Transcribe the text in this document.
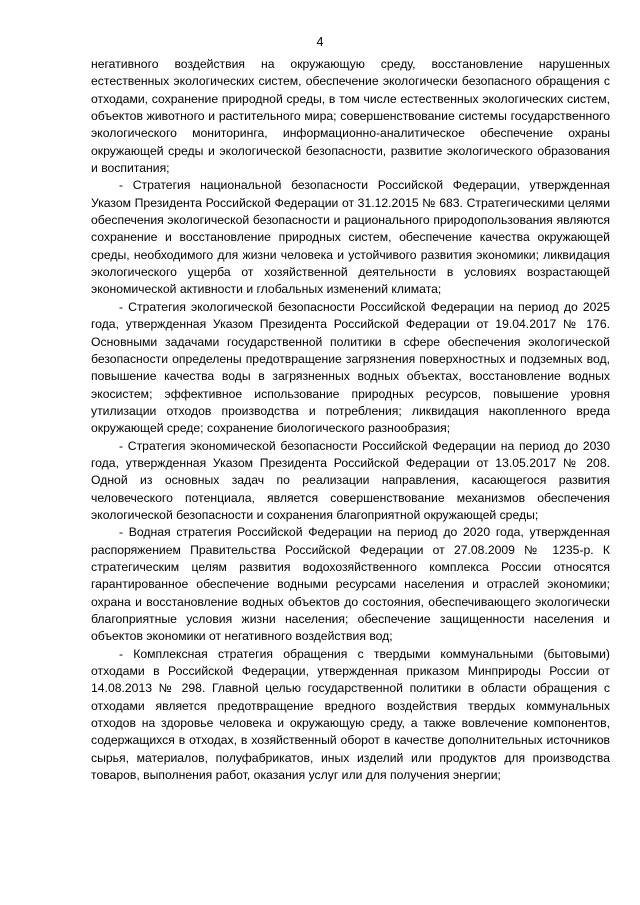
4

негативного воздействия на окружающую среду, восстановление нарушенных естественных экологических систем, обеспечение экологически безопасного обращения с отходами, сохранение природной среды, в том числе естественных экологических систем, объектов животного и растительного мира; совершенствование системы государственного экологического мониторинга, информационно-аналитическое обеспечение охраны окружающей среды и экологической безопасности, развитие экологического образования и воспитания;

- Стратегия национальной безопасности Российской Федерации, утвержденная Указом Президента Российской Федерации от 31.12.2015 № 683. Стратегическими целями обеспечения экологической безопасности и рационального природопользования являются сохранение и восстановление природных систем, обеспечение качества окружающей среды, необходимого для жизни человека и устойчивого развития экономики; ликвидация экологического ущерба от хозяйственной деятельности в условиях возрастающей экономической активности и глобальных изменений климата;

- Стратегия экологической безопасности Российской Федерации на период до 2025 года, утвержденная Указом Президента Российской Федерации от 19.04.2017 № 176. Основными задачами государственной политики в сфере обеспечения экологической безопасности определены предотвращение загрязнения поверхностных и подземных вод, повышение качества воды в загрязненных водных объектах, восстановление водных экосистем; эффективное использование природных ресурсов, повышение уровня утилизации отходов производства и потребления; ликвидация накопленного вреда окружающей среде; сохранение биологического разнообразия;

- Стратегия экономической безопасности Российской Федерации на период до 2030 года, утвержденная Указом Президента Российской Федерации от 13.05.2017 № 208. Одной из основных задач по реализации направления, касающегося развития человеческого потенциала, является совершенствование механизмов обеспечения экологической безопасности и сохранения благоприятной окружающей среды;

- Водная стратегия Российской Федерации на период до 2020 года, утвержденная распоряжением Правительства Российской Федерации от 27.08.2009 № 1235-р. К стратегическим целям развития водохозяйственного комплекса России относятся гарантированное обеспечение водными ресурсами населения и отраслей экономики; охрана и восстановление водных объектов до состояния, обеспечивающего экологически благоприятные условия жизни населения; обеспечение защищенности населения и объектов экономики от негативного воздействия вод;

- Комплексная стратегия обращения с твердыми коммунальными (бытовыми) отходами в Российской Федерации, утвержденная приказом Минприроды России от 14.08.2013 № 298. Главной целью государственной политики в области обращения с отходами является предотвращение вредного воздействия твердых коммунальных отходов на здоровье человека и окружающую среду, а также вовлечение компонентов, содержащихся в отходах, в хозяйственный оборот в качестве дополнительных источников сырья, материалов, полуфабрикатов, иных изделий или продуктов для производства товаров, выполнения работ, оказания услуг или для получения энергии;
